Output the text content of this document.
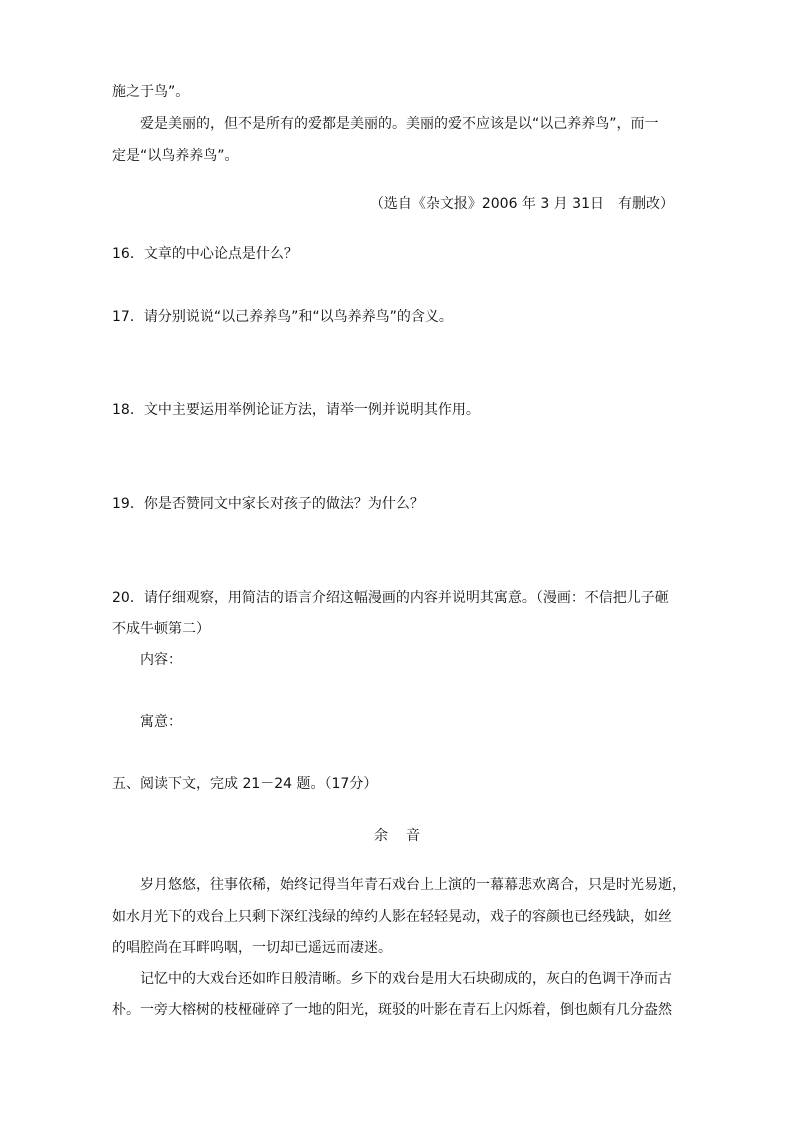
施之于鸟”。
爱是美丽的，但不是所有的爱都是美丽的。美丽的爱不应该是以“以己养养鸟”，而一
定是“以鸟养养鸟”。
（选自《杂文报》2006 年 3 月 31日　有删改）
16．文章的中心论点是什么？
17．请分别说说“以己养养鸟”和“以鸟养养鸟”的含义。
18．文中主要运用举例论证方法，请举一例并说明其作用。
19．你是否赞同文中家长对孩子的做法？为什么？
20．请仔细观察，用简洁的语言介绍这幅漫画的内容并说明其寓意。（漫画：不信把儿子砸
不成牛顿第二）
内容：
寓意：
五、阅读下文，完成 21－24 题。（17分）
余 音
岁月悠悠，往事依稀，始终记得当年青石戏台上上演的一幕幕悲欢离合，只是时光易逝，
如水月光下的戏台上只剩下深红浅绿的绰约人影在轻轻晃动，戏子的容颜也已经残缺，如丝
的唱腔尚在耳畔呜咽，一切却已遥远而凄迷。
记忆中的大戏台还如昨日般清晰。乡下的戏台是用大石块砌成的，灰白的色调干净而古
朴。一旁大榕树的枝桠碰碎了一地的阳光，斑驳的叶影在青石上闪烁着，倒也颇有几分盎然
